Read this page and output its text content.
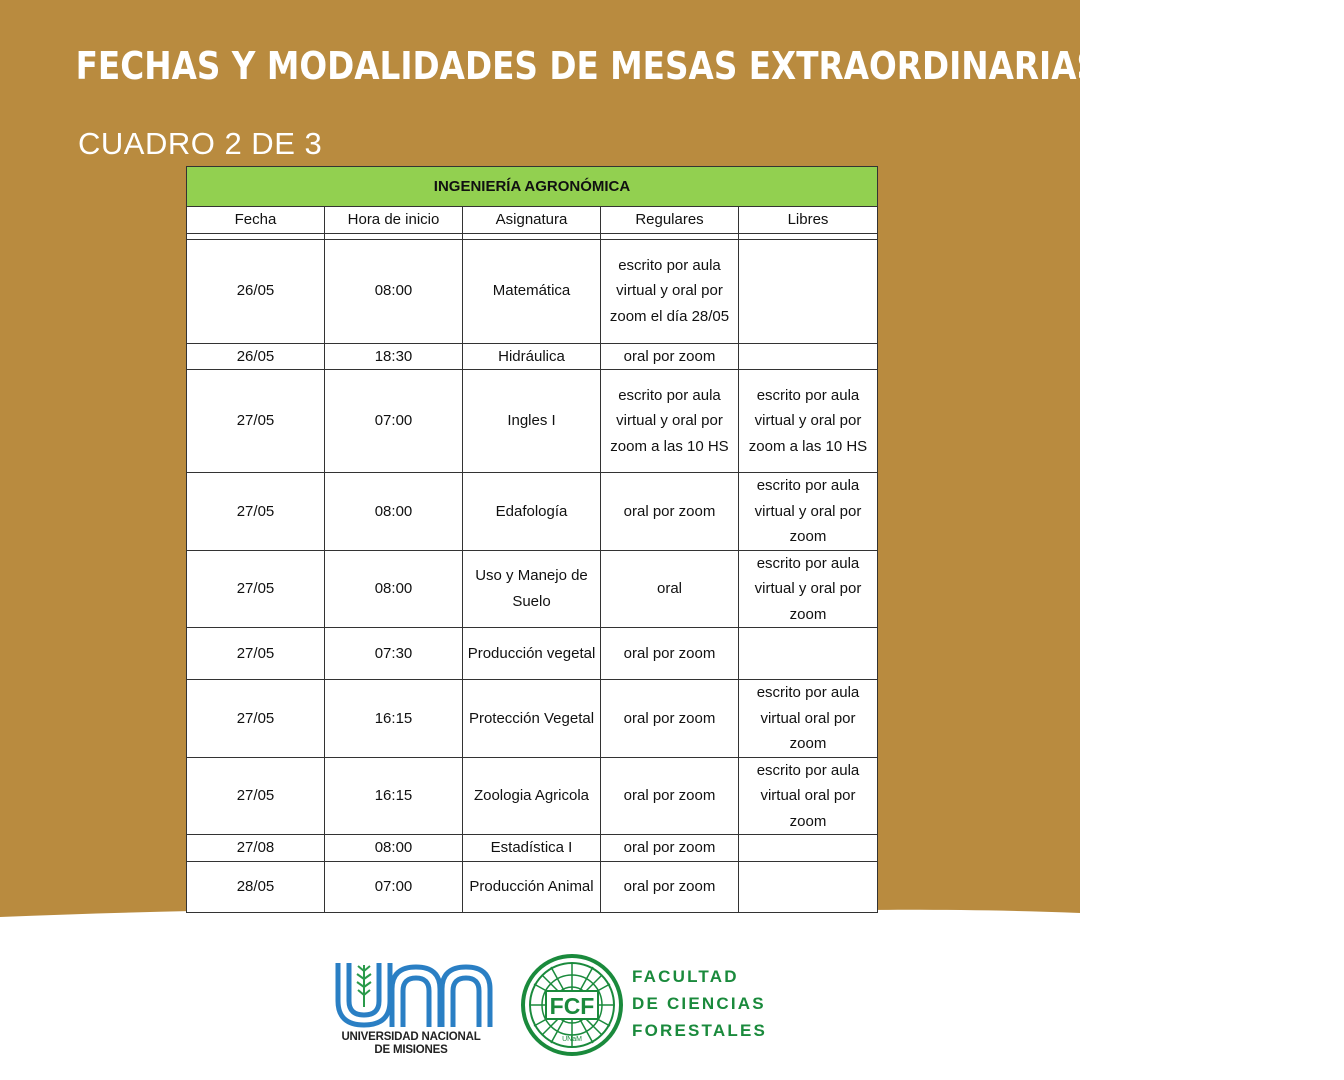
FECHAS Y MODALIDADES DE MESAS EXTRAORDINARIAS - MAYO 2021
CUADRO 2 DE 3
INGENIERÍA AGRONÓMICA				
Fecha	Hora de inicio	Asignatura	Regulares	Libres

26/05	08:00	Matemática	escrito por aula virtual y oral por zoom el día 28/05	
26/05	18:30	Hidráulica	oral por zoom	
27/05	07:00	Ingles I	escrito por aula virtual y oral por zoom a las 10 HS	escrito por aula virtual y oral por zoom a las 10 HS
27/05	08:00	Edafología	oral por zoom	escrito por aula virtual y oral por zoom
27/05	08:00	Uso y Manejo de Suelo	oral	escrito por aula virtual y oral por zoom
27/05	07:30	Producción vegetal	oral por zoom	
27/05	16:15	Protección Vegetal	oral por zoom	escrito por aula virtual oral por zoom
27/05	16:15	Zoologia Agricola	oral por zoom	escrito por aula virtual oral por zoom
27/08	08:00	Estadística I	oral por zoom	
28/05	07:00	Producción Animal	oral por zoom	
UNIVERSIDAD NACIONAL
DE MISIONES
FCF
UNaM
FACULTAD
DE CIENCIAS
FORESTALES
